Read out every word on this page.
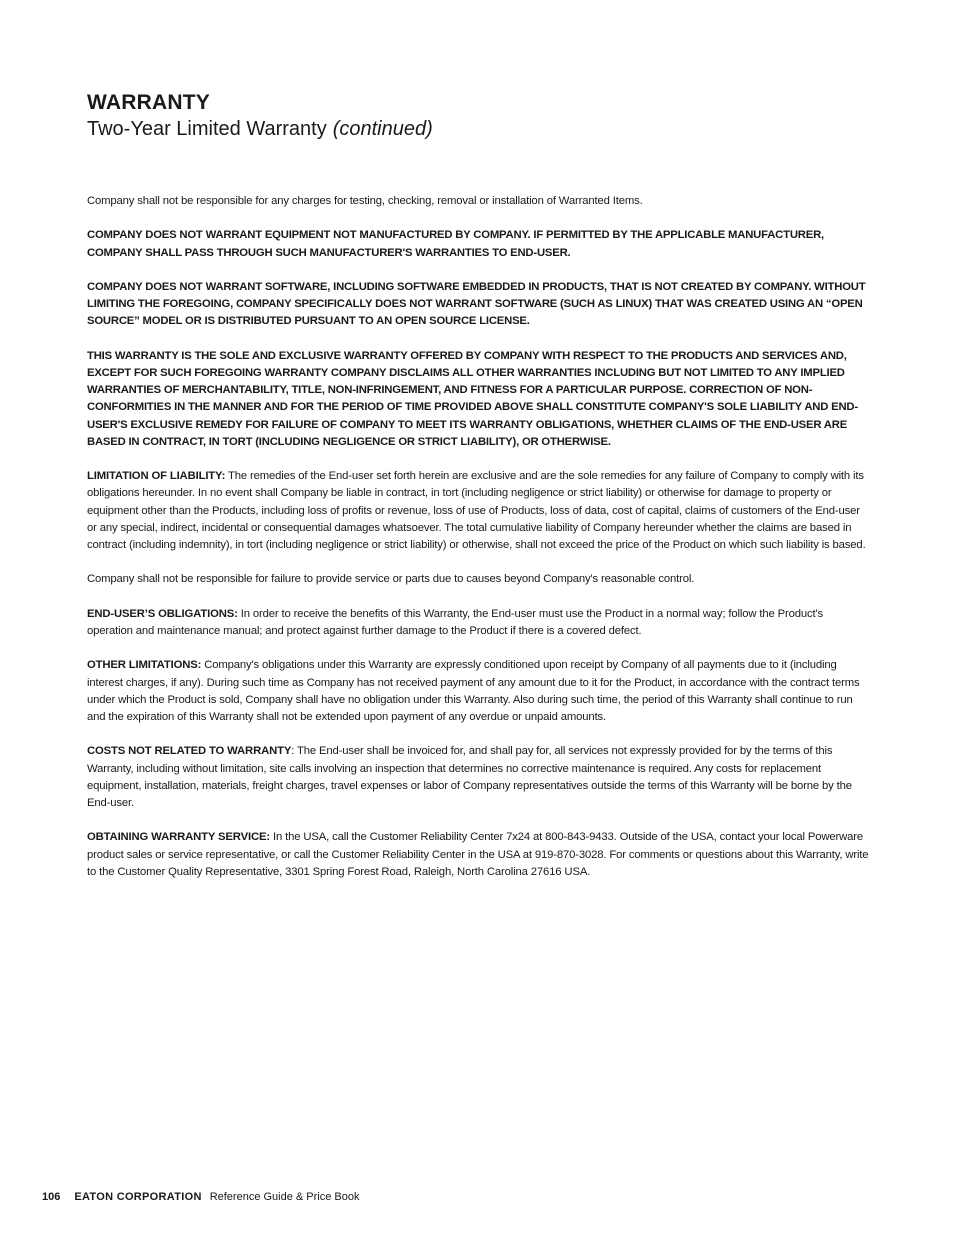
WARRANTY
Two-Year Limited Warranty (continued)

Company shall not be responsible for any charges for testing, checking, removal or installation of Warranted Items.

COMPANY DOES NOT WARRANT EQUIPMENT NOT MANUFACTURED BY COMPANY. IF PERMITTED BY THE APPLICABLE MANUFACTURER, COMPANY SHALL PASS THROUGH SUCH MANUFACTURER'S WARRANTIES TO END-USER.

COMPANY DOES NOT WARRANT SOFTWARE, INCLUDING SOFTWARE EMBEDDED IN PRODUCTS, THAT IS NOT CREATED BY COMPANY. WITHOUT LIMITING THE FOREGOING, COMPANY SPECIFICALLY DOES NOT WARRANT SOFTWARE (SUCH AS LINUX) THAT WAS CREATED USING AN “OPEN SOURCE” MODEL OR IS DISTRIBUTED PURSUANT TO AN OPEN SOURCE LICENSE.

THIS WARRANTY IS THE SOLE AND EXCLUSIVE WARRANTY OFFERED BY COMPANY WITH RESPECT TO THE PRODUCTS AND SERVICES AND, EXCEPT FOR SUCH FOREGOING WARRANTY COMPANY DISCLAIMS ALL OTHER WARRANTIES INCLUDING BUT NOT LIMITED TO ANY IMPLIED WARRANTIES OF MERCHANTABILITY, TITLE, NON-INFRINGEMENT, AND FITNESS FOR A PARTICULAR PURPOSE. CORRECTION OF NON-CONFORMITIES IN THE MANNER AND FOR THE PERIOD OF TIME PROVIDED ABOVE SHALL CONSTITUTE COMPANY'S SOLE LIABILITY AND END-USER'S EXCLUSIVE REMEDY FOR FAILURE OF COMPANY TO MEET ITS WARRANTY OBLIGATIONS, WHETHER CLAIMS OF THE END-USER ARE BASED IN CONTRACT, IN TORT (INCLUDING NEGLIGENCE OR STRICT LIABILITY), OR OTHERWISE.

LIMITATION OF LIABILITY: The remedies of the End-user set forth herein are exclusive and are the sole remedies for any failure of Company to comply with its obligations hereunder. In no event shall Company be liable in contract, in tort (including negligence or strict liability) or otherwise for damage to property or equipment other than the Products, including loss of profits or revenue, loss of use of Products, loss of data, cost of capital, claims of customers of the End-user or any special, indirect, incidental or consequential damages whatsoever. The total cumulative liability of Company hereunder whether the claims are based in contract (including indemnity), in tort (including negligence or strict liability) or otherwise, shall not exceed the price of the Product on which such liability is based.

Company shall not be responsible for failure to provide service or parts due to causes beyond Company's reasonable control.

END-USER’S OBLIGATIONS: In order to receive the benefits of this Warranty, the End-user must use the Product in a normal way; follow the Product's operation and maintenance manual; and protect against further damage to the Product if there is a covered defect.

OTHER LIMITATIONS: Company's obligations under this Warranty are expressly conditioned upon receipt by Company of all payments due to it (including interest charges, if any). During such time as Company has not received payment of any amount due to it for the Product, in accordance with the contract terms under which the Product is sold, Company shall have no obligation under this Warranty. Also during such time, the period of this Warranty shall continue to run and the expiration of this Warranty shall not be extended upon payment of any overdue or unpaid amounts.

COSTS NOT RELATED TO WARRANTY: The End-user shall be invoiced for, and shall pay for, all services not expressly provided for by the terms of this Warranty, including without limitation, site calls involving an inspection that determines no corrective maintenance is required. Any costs for replacement equipment, installation, materials, freight charges, travel expenses or labor of Company representatives outside the terms of this Warranty will be borne by the End-user.

OBTAINING WARRANTY SERVICE: In the USA, call the Customer Reliability Center 7x24 at 800-843-9433. Outside of the USA, contact your local Powerware product sales or service representative, or call the Customer Reliability Center in the USA at 919-870-3028. For comments or questions about this Warranty, write to the Customer Quality Representative, 3301 Spring Forest Road, Raleigh, North Carolina 27616 USA.

106 EATON CORPORATION Reference Guide & Price Book
